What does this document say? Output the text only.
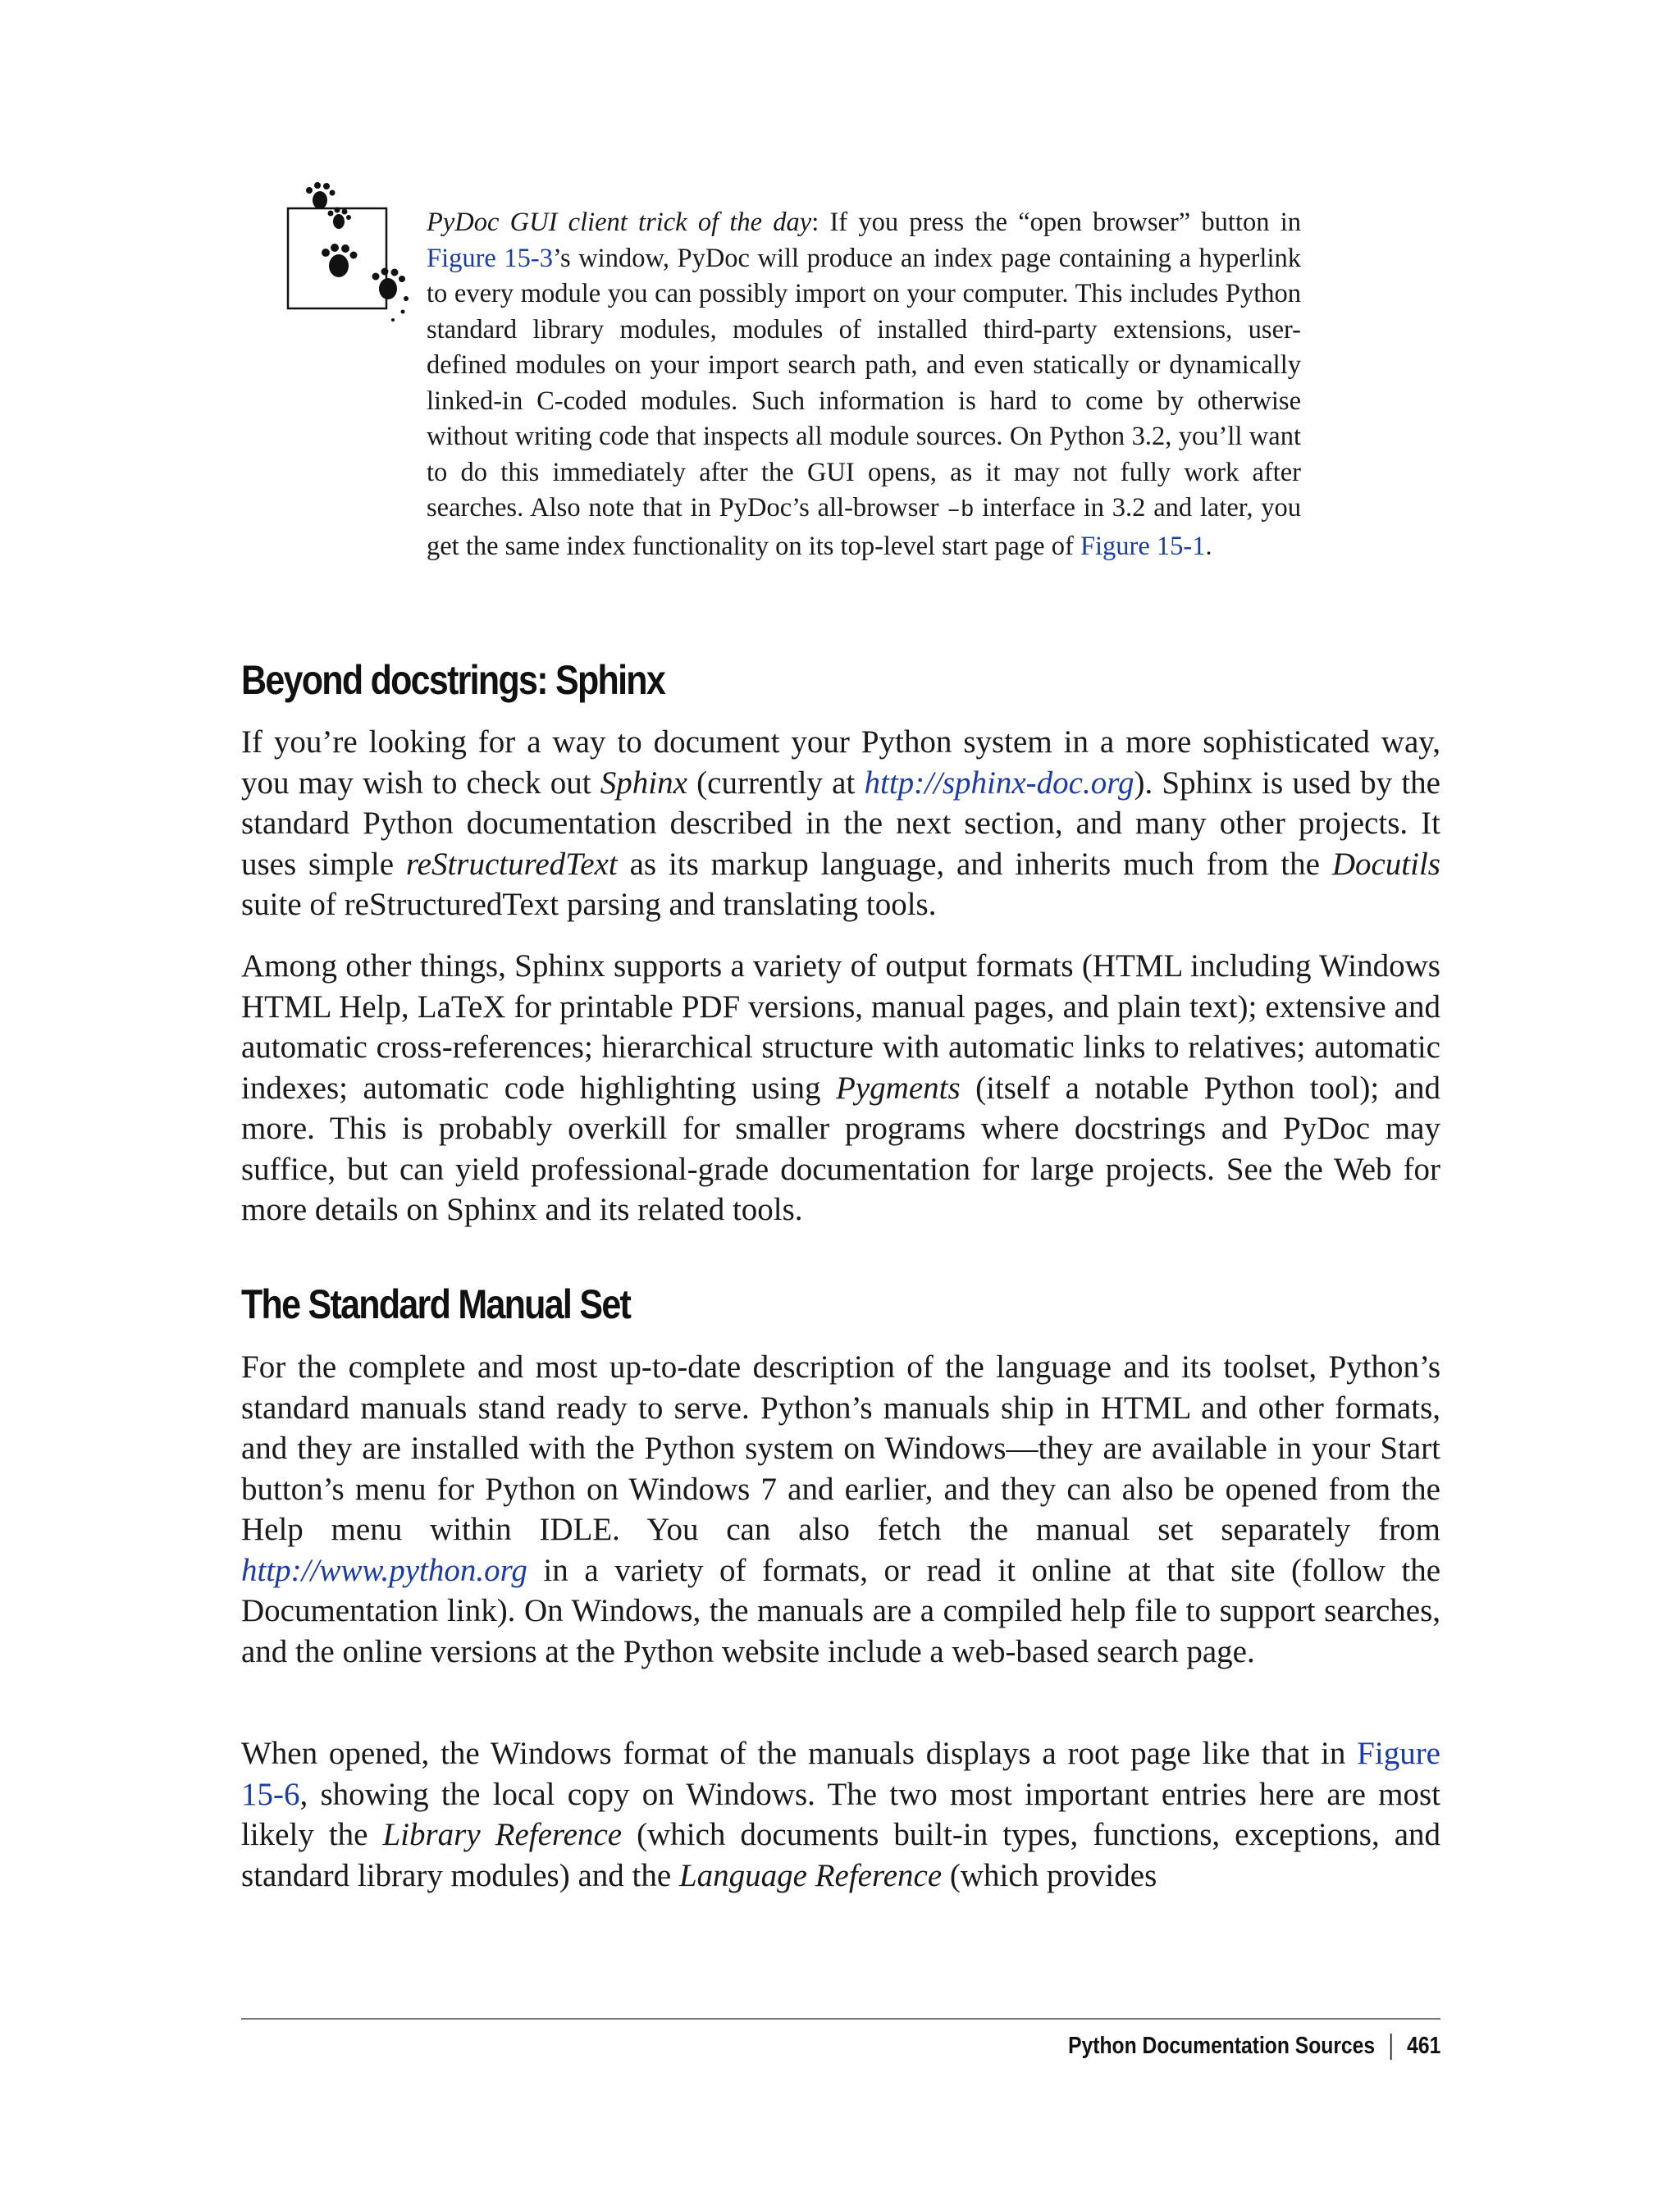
PyDoc GUI client trick of the day: If you press the “open browser” button in Figure 15-3’s window, PyDoc will produce an index page containing a hyperlink to every module you can possibly import on your computer. This includes Python standard library modules, modules of installed third-party extensions, user-defined modules on your import search path, and even statically or dynamically linked-in C-coded modules. Such information is hard to come by otherwise without writing code that inspects all module sources. On Python 3.2, you’ll want to do this immediately after the GUI opens, as it may not fully work after searches. Also note that in PyDoc’s all-browser –b interface in 3.2 and later, you get the same index functionality on its top-level start page of Figure 15-1.

Beyond docstrings: Sphinx

If you’re looking for a way to document your Python system in a more sophisticated way, you may wish to check out Sphinx (currently at http://sphinx-doc.org). Sphinx is used by the standard Python documentation described in the next section, and many other projects. It uses simple reStructuredText as its markup language, and inherits much from the Docutils suite of reStructuredText parsing and translating tools.

Among other things, Sphinx supports a variety of output formats (HTML including Windows HTML Help, LaTeX for printable PDF versions, manual pages, and plain text); extensive and automatic cross-references; hierarchical structure with automatic links to relatives; automatic indexes; automatic code highlighting using Pygments (itself a notable Python tool); and more. This is probably overkill for smaller programs where docstrings and PyDoc may suffice, but can yield professional-grade documentation for large projects. See the Web for more details on Sphinx and its related tools.

The Standard Manual Set

For the complete and most up-to-date description of the language and its toolset, Python’s standard manuals stand ready to serve. Python’s manuals ship in HTML and other formats, and they are installed with the Python system on Windows—they are available in your Start button’s menu for Python on Windows 7 and earlier, and they can also be opened from the Help menu within IDLE. You can also fetch the manual set separately from http://www.python.org in a variety of formats, or read it online at that site (follow the Documentation link). On Windows, the manuals are a compiled help file to support searches, and the online versions at the Python website include a web-based search page.

When opened, the Windows format of the manuals displays a root page like that in Figure 15-6, showing the local copy on Windows. The two most important entries here are most likely the Library Reference (which documents built-in types, functions, exceptions, and standard library modules) and the Language Reference (which provides

Python Documentation Sources 461
